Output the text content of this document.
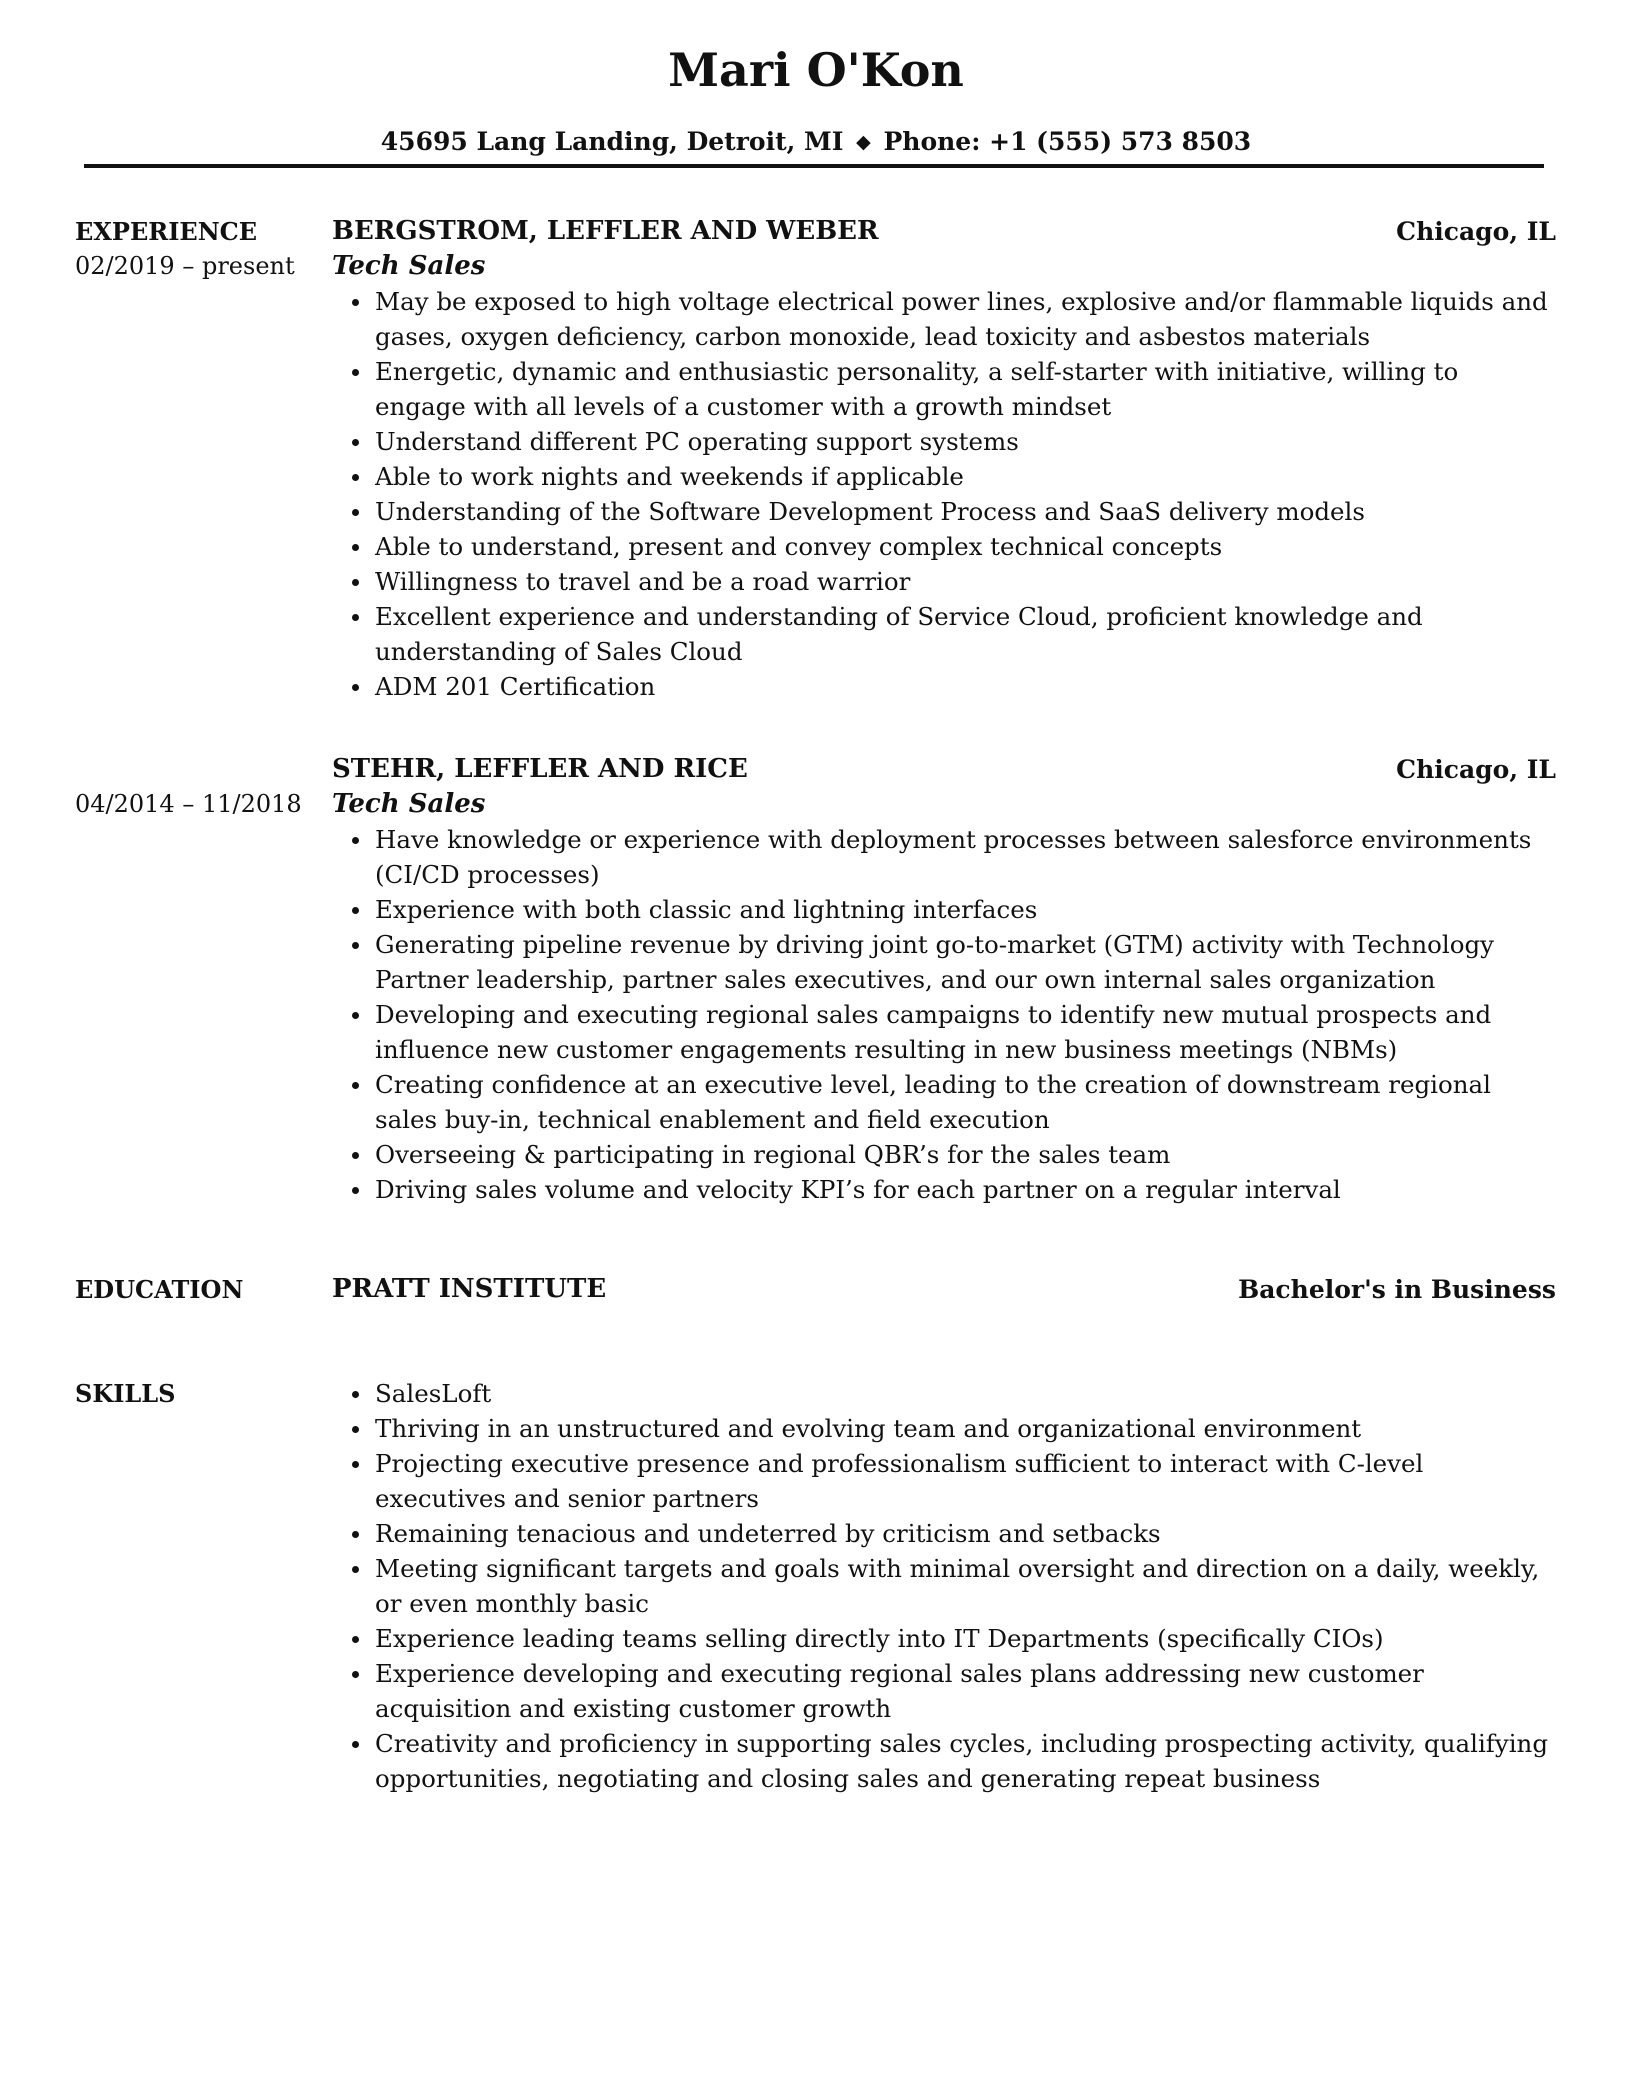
Mari O'Kon
45695 Lang Landing, Detroit, MI ◆ Phone: +1 (555) 573 8503
EXPERIENCE
02/2019 – present
BERGSTROM, LEFFLER AND WEBER	Chicago, IL
Tech Sales
May be exposed to high voltage electrical power lines, explosive and/or flammable liquids and gases, oxygen deficiency, carbon monoxide, lead toxicity and asbestos materials
Energetic, dynamic and enthusiastic personality, a self-starter with initiative, willing to engage with all levels of a customer with a growth mindset
Understand different PC operating support systems
Able to work nights and weekends if applicable
Understanding of the Software Development Process and SaaS delivery models
Able to understand, present and convey complex technical concepts
Willingness to travel and be a road warrior
Excellent experience and understanding of Service Cloud, proficient knowledge and understanding of Sales Cloud
ADM 201 Certification
04/2014 – 11/2018
STEHR, LEFFLER AND RICE	Chicago, IL
Tech Sales
Have knowledge or experience with deployment processes between salesforce environments (CI/CD processes)
Experience with both classic and lightning interfaces
Generating pipeline revenue by driving joint go-to-market (GTM) activity with Technology Partner leadership, partner sales executives, and our own internal sales organization
Developing and executing regional sales campaigns to identify new mutual prospects and influence new customer engagements resulting in new business meetings (NBMs)
Creating confidence at an executive level, leading to the creation of downstream regional sales buy-in, technical enablement and field execution
Overseeing & participating in regional QBR’s for the sales team
Driving sales volume and velocity KPI’s for each partner on a regular interval
EDUCATION	PRATT INSTITUTE	Bachelor's in Business
SKILLS	SalesLoft
Thriving in an unstructured and evolving team and organizational environment
Projecting executive presence and professionalism sufficient to interact with C-level executives and senior partners
Remaining tenacious and undeterred by criticism and setbacks
Meeting significant targets and goals with minimal oversight and direction on a daily, weekly, or even monthly basic
Experience leading teams selling directly into IT Departments (specifically CIOs)
Experience developing and executing regional sales plans addressing new customer acquisition and existing customer growth
Creativity and proficiency in supporting sales cycles, including prospecting activity, qualifying opportunities, negotiating and closing sales and generating repeat business
